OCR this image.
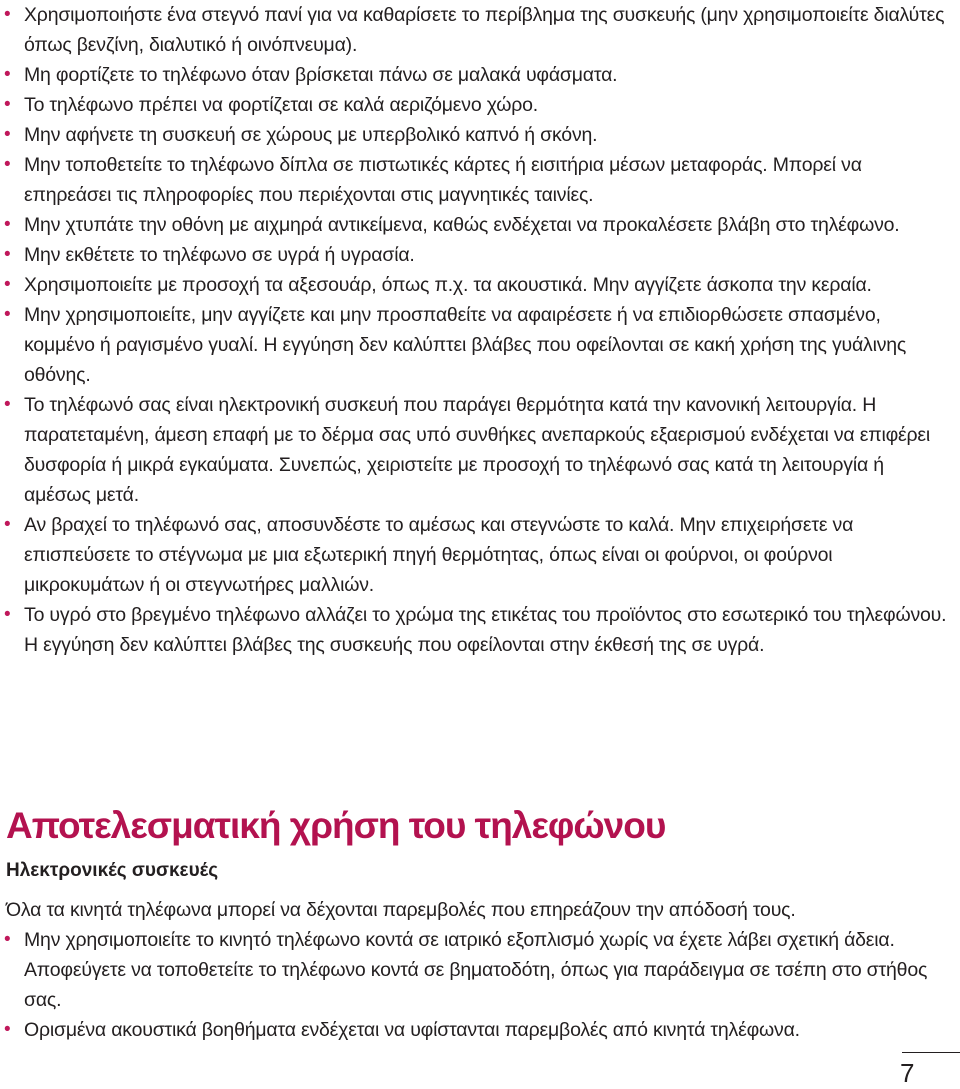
• Χρησιμοποιήστε ένα στεγνό πανί για να καθαρίσετε το περίβλημα της συσκευής (μην χρησιμοποιείτε διαλύτες όπως βενζίνη, διαλυτικό ή οινόπνευμα).
• Μη φορτίζετε το τηλέφωνο όταν βρίσκεται πάνω σε μαλακά υφάσματα.
• Το τηλέφωνο πρέπει να φορτίζεται σε καλά αεριζόμενο χώρο.
• Μην αφήνετε τη συσκευή σε χώρους με υπερβολικό καπνό ή σκόνη.
• Μην τοποθετείτε το τηλέφωνο δίπλα σε πιστωτικές κάρτες ή εισιτήρια μέσων μεταφοράς. Μπορεί να επηρεάσει τις πληροφορίες που περιέχονται στις μαγνητικές ταινίες.
• Μην χτυπάτε την οθόνη με αιχμηρά αντικείμενα, καθώς ενδέχεται να προκαλέσετε βλάβη στο τηλέφωνο.
• Μην εκθέτετε το τηλέφωνο σε υγρά ή υγρασία.
• Χρησιμοποιείτε με προσοχή τα αξεσουάρ, όπως π.χ. τα ακουστικά. Μην αγγίζετε άσκοπα την κεραία.
• Μην χρησιμοποιείτε, μην αγγίζετε και μην προσπαθείτε να αφαιρέσετε ή να επιδιορθώσετε σπασμένο, κομμένο ή ραγισμένο γυαλί. Η εγγύηση δεν καλύπτει βλάβες που οφείλονται σε κακή χρήση της γυάλινης οθόνης.
• Το τηλέφωνό σας είναι ηλεκτρονική συσκευή που παράγει θερμότητα κατά την κανονική λειτουργία. Η παρατεταμένη, άμεση επαφή με το δέρμα σας υπό συνθήκες ανεπαρκούς εξαερισμού ενδέχεται να επιφέρει δυσφορία ή μικρά εγκαύματα. Συνεπώς, χειριστείτε με προσοχή το τηλέφωνό σας κατά τη λειτουργία ή αμέσως μετά.
• Αν βραχεί το τηλέφωνό σας, αποσυνδέστε το αμέσως και στεγνώστε το καλά. Μην επιχειρήσετε να επισπεύσετε το στέγνωμα με μια εξωτερική πηγή θερμότητας, όπως είναι οι φούρνοι, οι φούρνοι μικροκυμάτων ή οι στεγνωτήρες μαλλιών.
• Το υγρό στο βρεγμένο τηλέφωνο αλλάζει το χρώμα της ετικέτας του προϊόντος στο εσωτερικό του τηλεφώνου. Η εγγύηση δεν καλύπτει βλάβες της συσκευής που οφείλονται στην έκθεσή της σε υγρά.
Αποτελεσματική χρήση του τηλεφώνου
Ηλεκτρονικές συσκευές

Όλα τα κινητά τηλέφωνα μπορεί να δέχονται παρεμβολές που επηρεάζουν την απόδοσή τους.

• Μην χρησιμοποιείτε το κινητό τηλέφωνο κοντά σε ιατρικό εξοπλισμό χωρίς να έχετε λάβει σχετική άδεια. Αποφεύγετε να τοποθετείτε το τηλέφωνο κοντά σε βηματοδότη, όπως για παράδειγμα σε τσέπη στο στήθος σας.
• Ορισμένα ακουστικά βοηθήματα ενδέχεται να υφίστανται παρεμβολές από κινητά τηλέφωνα.
7
